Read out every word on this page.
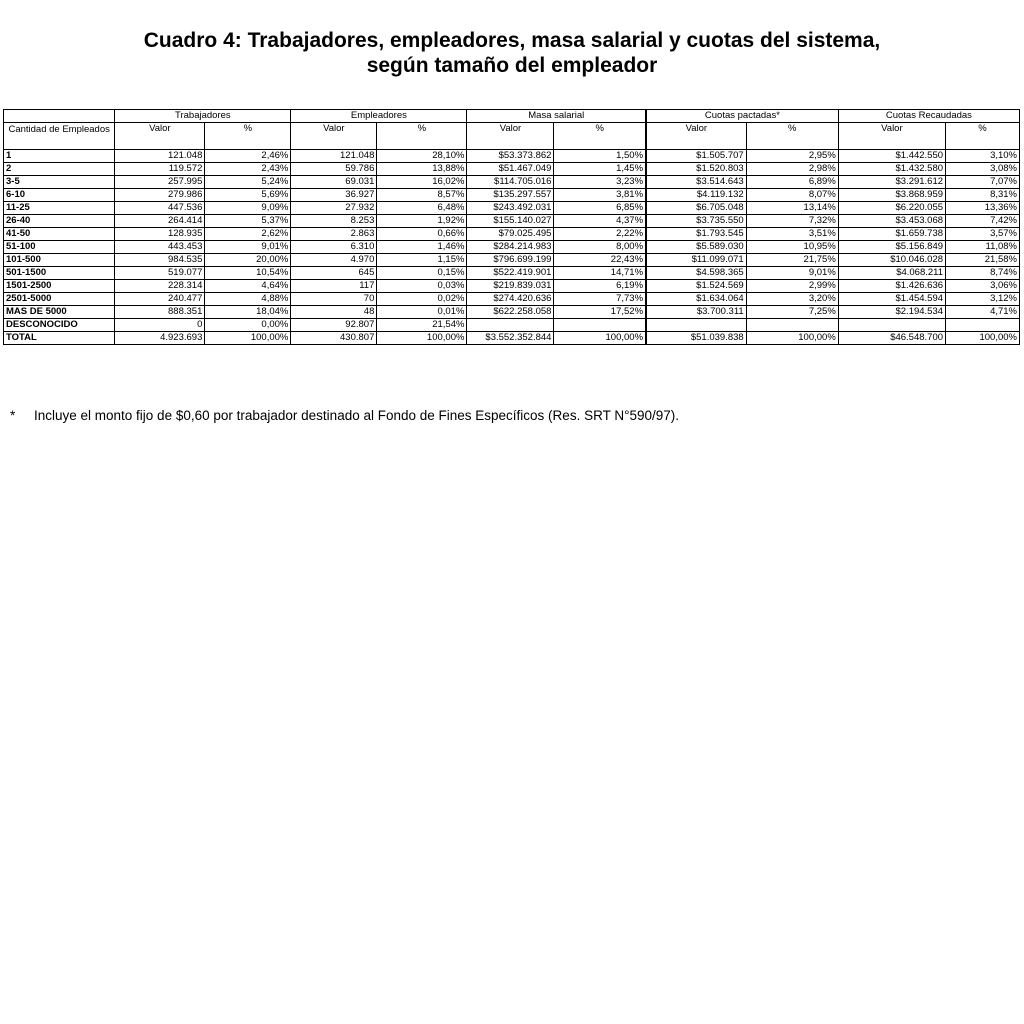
Cuadro 4: Trabajadores, empleadores, masa salarial y cuotas del sistema,
según tamaño del empleador
	Trabajadores		Empleadores		Masa salarial		Cuotas pactadas*		Cuotas Recaudadas	
Cantidad de Empleados	Valor	%	Valor	%	Valor	%	Valor	%	Valor	%
1	121.048	2,46%	121.048	28,10%	$53.373.862	1,50%	$1.505.707	2,95%	$1.442.550	3,10%
2	119.572	2,43%	59.786	13,88%	$51.467.049	1,45%	$1.520.803	2,98%	$1.432.580	3,08%
3-5	257.995	5,24%	69.031	16,02%	$114.705.016	3,23%	$3.514.643	6,89%	$3.291.612	7,07%
6-10	279.986	5,69%	36.927	8,57%	$135.297.557	3,81%	$4.119.132	8,07%	$3.868.959	8,31%
11-25	447.536	9,09%	27.932	6,48%	$243.492.031	6,85%	$6.705.048	13,14%	$6.220.055	13,36%
26-40	264.414	5,37%	8.253	1,92%	$155.140.027	4,37%	$3.735.550	7,32%	$3.453.068	7,42%
41-50	128.935	2,62%	2.863	0,66%	$79.025.495	2,22%	$1.793.545	3,51%	$1.659.738	3,57%
51-100	443.453	9,01%	6.310	1,46%	$284.214.983	8,00%	$5.589.030	10,95%	$5.156.849	11,08%
101-500	984.535	20,00%	4.970	1,15%	$796.699.199	22,43%	$11.099.071	21,75%	$10.046.028	21,58%
501-1500	519.077	10,54%	645	0,15%	$522.419.901	14,71%	$4.598.365	9,01%	$4.068.211	8,74%
1501-2500	228.314	4,64%	117	0,03%	$219.839.031	6,19%	$1.524.569	2,99%	$1.426.636	3,06%
2501-5000	240.477	4,88%	70	0,02%	$274.420.636	7,73%	$1.634.064	3,20%	$1.454.594	3,12%
MAS DE 5000	888.351	18,04%	48	0,01%	$622.258.058	17,52%	$3.700.311	7,25%	$2.194.534	4,71%
DESCONOCIDO	0	0,00%	92.807	21,54%						
TOTAL	4.923.693	100,00%	430.807	100,00%	$3.552.352.844	100,00%	$51.039.838	100,00%	$46.548.700	100,00%
* Incluye el monto fijo de $0,60 por trabajador destinado al Fondo de Fines Específicos (Res. SRT N°590/97).
